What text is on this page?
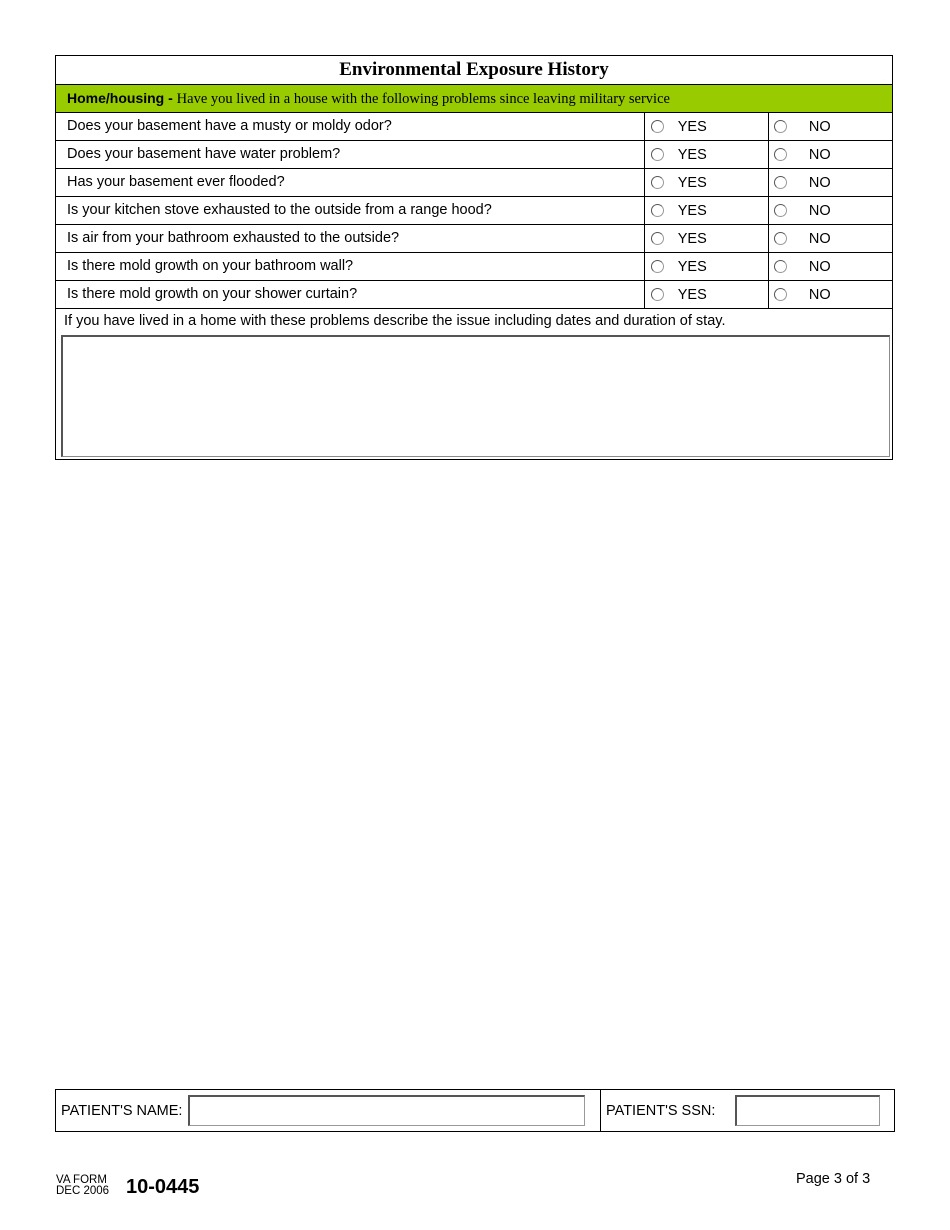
Environmental Exposure History
Home/housing - Have you lived in a house with the following problems since leaving military service
Does your basement have a musty or moldy odor?	YES	NO
Does your basement have water problem?	YES	NO
Has your basement ever flooded?	YES	NO
Is your kitchen stove exhausted to the outside from a range hood?	YES	NO
Is air from your bathroom exhausted to the outside?	YES	NO
Is there mold growth on your bathroom wall?	YES	NO
Is there mold growth on your shower curtain?	YES	NO
If you have lived in a home with these problems describe the issue including dates and duration of stay.
PATIENT'S NAME:	PATIENT'S SSN:
VA FORM
DEC 2006 10-0445	Page 3 of 3
